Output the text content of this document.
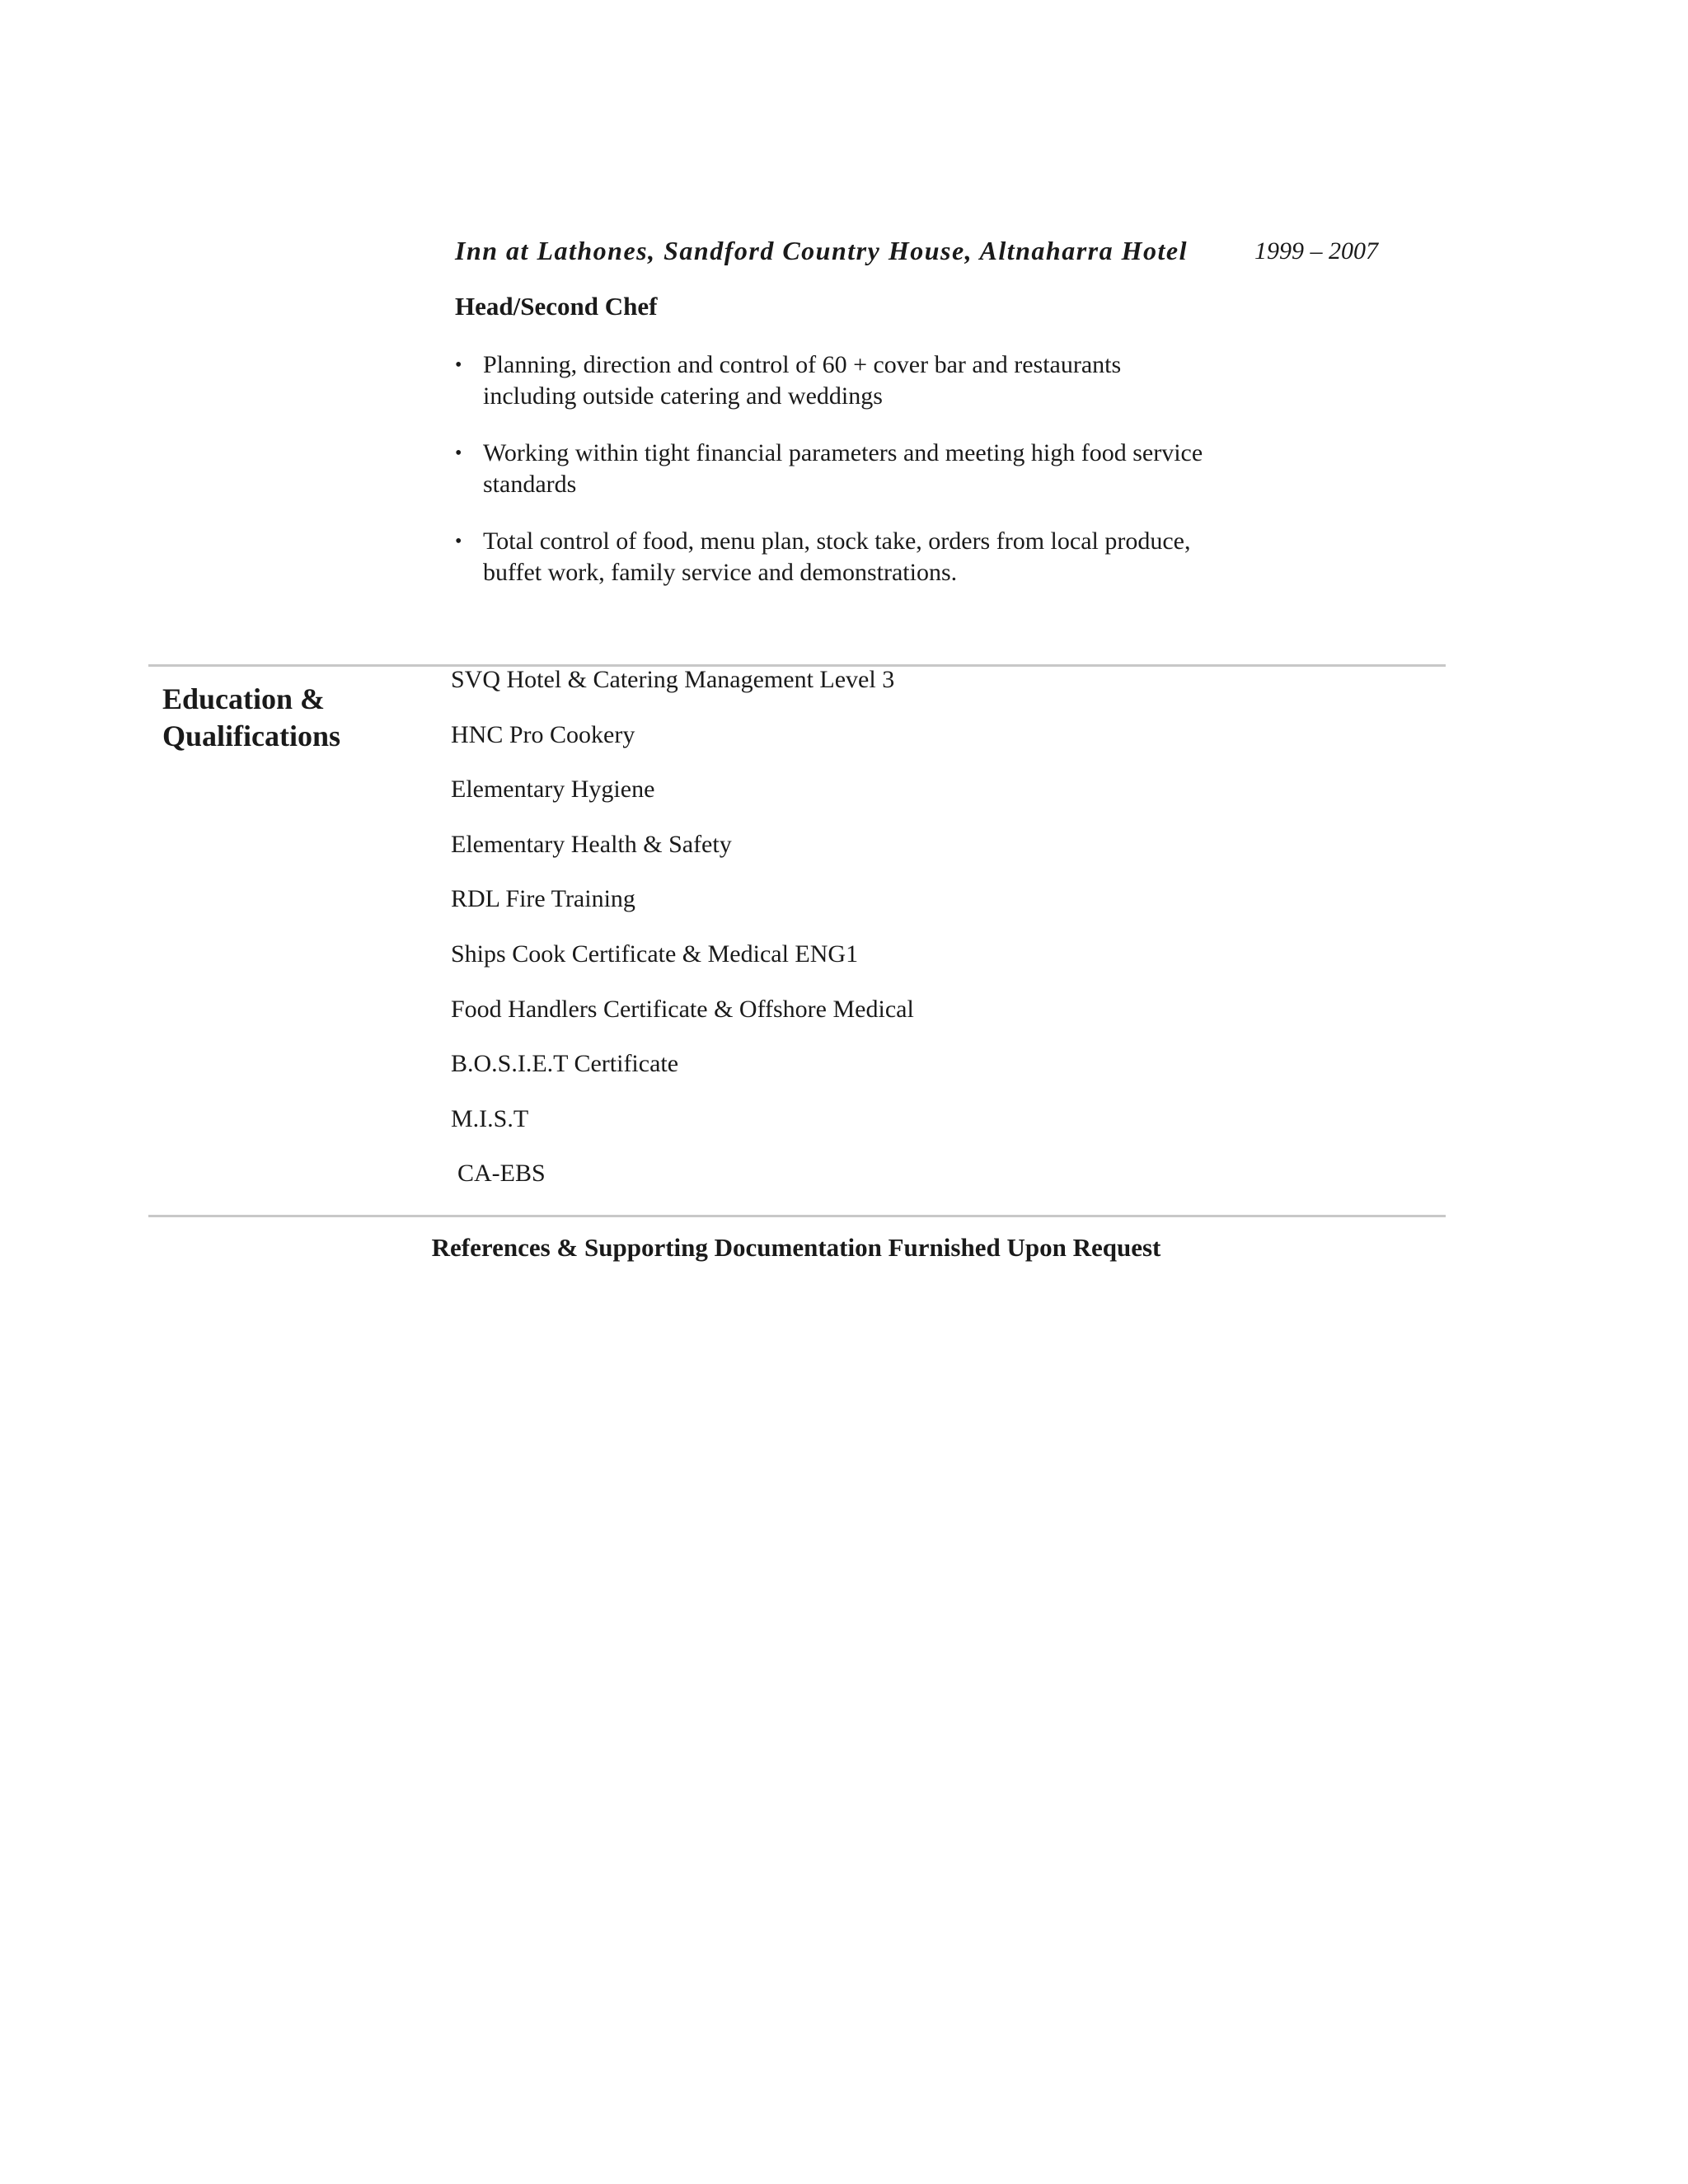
Inn at Lathones, Sandford Country House, Altnaharra Hotel	1999 – 2007
Head/Second Chef
• Planning, direction and control of 60 + cover bar and restaurants including outside catering and weddings
• Working within tight financial parameters and meeting high food service standards
• Total control of food, menu plan, stock take, orders from local produce, buffet work, family service and demonstrations.
Education &
Qualifications
SVQ Hotel & Catering Management Level 3
HNC Pro Cookery
Elementary Hygiene
Elementary Health & Safety
RDL Fire Training
Ships Cook Certificate & Medical ENG1
Food Handlers Certificate & Offshore Medical
B.O.S.I.E.T Certificate
M.I.S.T
CA-EBS
References & Supporting Documentation Furnished Upon Request
